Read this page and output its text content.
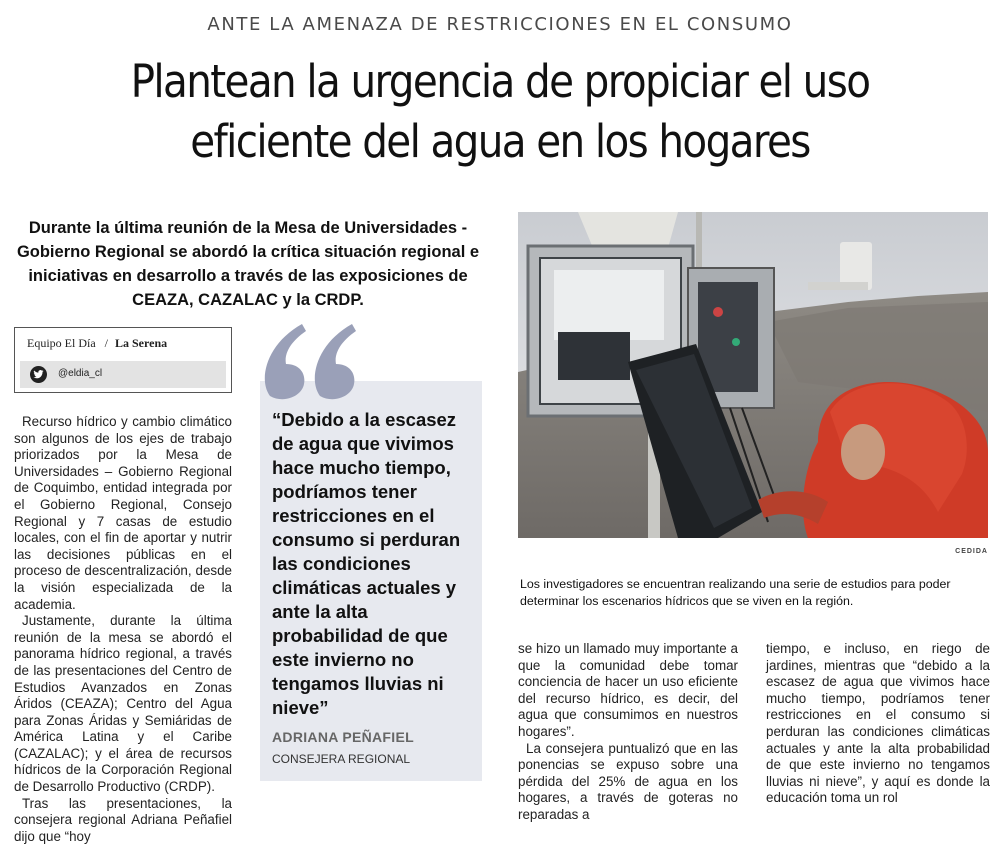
ANTE LA AMENAZA DE RESTRICCIONES EN EL CONSUMO
Plantean la urgencia de propiciar el uso eficiente del agua en los hogares

Durante la última reunión de la Mesa de Universidades - Gobierno Regional se abordó la crítica situación regional e iniciativas en desarrollo a través de las exposiciones de CEAZA, CAZALAC y la CRDP.

Equipo El Día / La Serena
@eldia_cl

Recurso hídrico y cambio climático son algunos de los ejes de trabajo priorizados por la Mesa de Universidades – Gobierno Regional de Coquimbo, entidad integrada por el Gobierno Regional, Consejo Regional y 7 casas de estudio locales, con el fin de aportar y nutrir las decisiones públicas en el proceso de descentralización, desde la visión especializada de la academia.

Justamente, durante la última reunión de la mesa se abordó el panorama hídrico regional, a través de las presentaciones del Centro de Estudios Avanzados en Zonas Áridos (CEAZA); Centro del Agua para Zonas Áridas y Semiáridas de América Latina y el Caribe (CAZALAC); y el área de recursos hídricos de la Corporación Regional de Desarrollo Productivo (CRDP).

Tras las presentaciones, la consejera regional Adriana Peñafiel dijo que “hoy

“Debido a la escasez de agua que vivimos hace mucho tiempo, podríamos tener restricciones en el consumo si perduran las condiciones climáticas actuales y ante la alta probabilidad de que este invierno no tengamos lluvias ni nieve”

ADRIANA PEÑAFIEL
CONSEJERA REGIONAL
CEDIDA

Los investigadores se encuentran realizando una serie de estudios para poder determinar los escenarios hídricos que se viven en la región.

se hizo un llamado muy importante a que la comunidad debe tomar conciencia de hacer un uso eficiente del recurso hídrico, es decir, del agua que consumimos en nuestros hogares”.

La consejera puntualizó que en las ponencias se expuso sobre una pérdida del 25% de agua en los hogares, a través de goteras no reparadas a

tiempo, e incluso, en riego de jardines, mientras que “debido a la escasez de agua que vivimos hace mucho tiempo, podríamos tener restricciones en el consumo si perduran las condiciones climáticas actuales y ante la alta probabilidad de que este invierno no tengamos lluvias ni nieve”, y aquí es donde la educación toma un rol
